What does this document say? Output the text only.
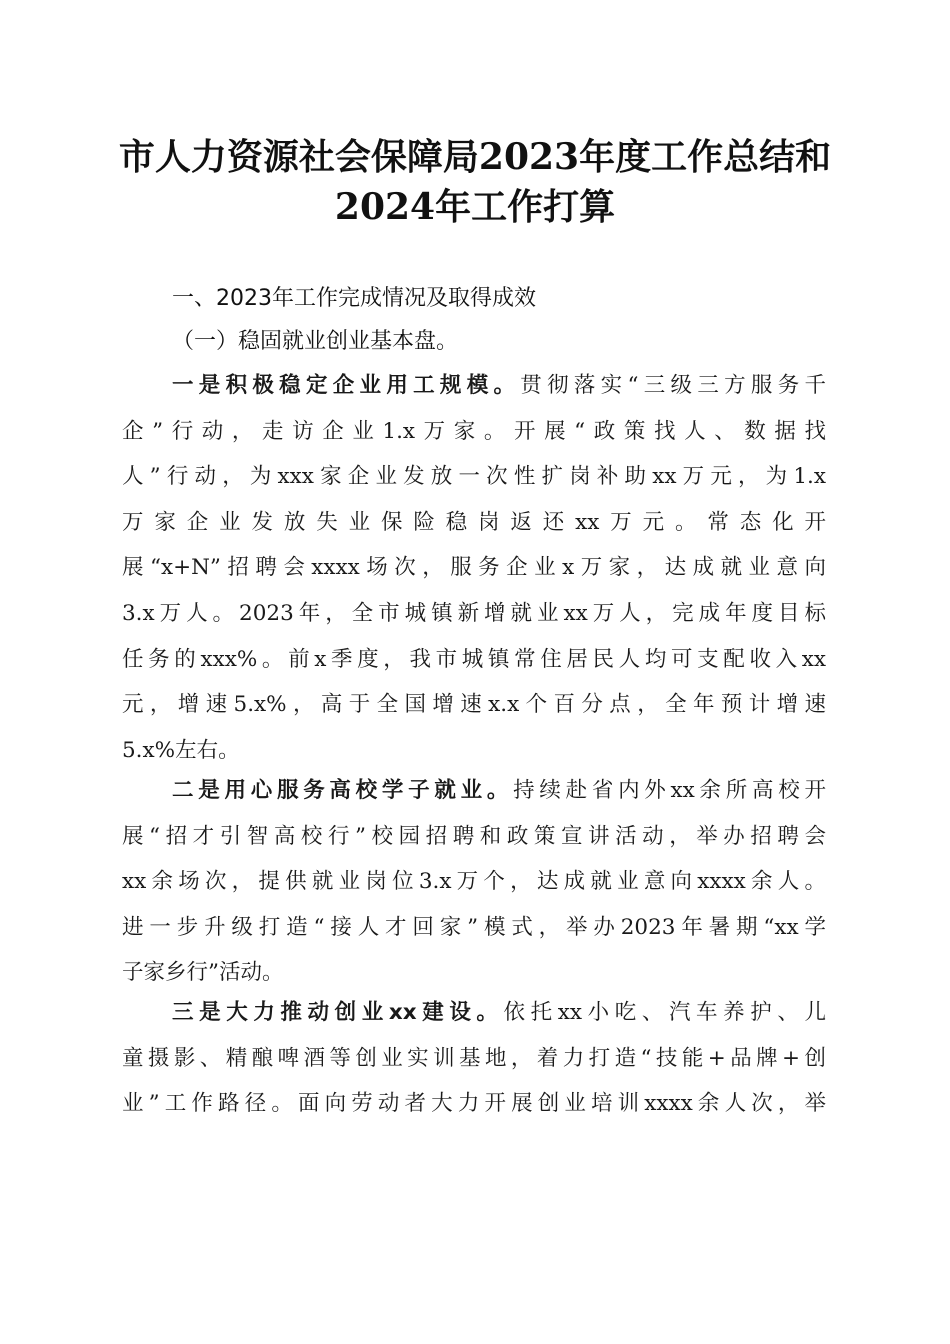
市人力资源社会保障局2023年度工作总结和
2024年工作打算
一、2023年工作完成情况及取得成效
（一）稳固就业创业基本盘。
一是积极稳定企业用工规模。贯彻落实“三级三方服务千
企”行动，走访企业1.x万家。开展“政策找人、数据找
人”行动，为xxx家企业发放一次性扩岗补助xx万元，为1.x
万家企业发放失业保险稳岗返还xx万元。常态化开
展“x+N”招聘会xxxx场次，服务企业x万家，达成就业意向
3.x万人。2023年，全市城镇新增就业xx万人，完成年度目标
任务的xxx%。前x季度，我市城镇常住居民人均可支配收入xx
元，增速5.x%，高于全国增速x.x个百分点，全年预计增速
5.x%左右。
二是用心服务高校学子就业。持续赴省内外xx余所高校开
展“招才引智高校行”校园招聘和政策宣讲活动，举办招聘会
xx余场次，提供就业岗位3.x万个，达成就业意向xxxx余人。
进一步升级打造“接人才回家”模式，举办2023年暑期“xx学
子家乡行”活动。
三是大力推动创业xx建设。依托xx小吃、汽车养护、儿
童摄影、精酿啤酒等创业实训基地，着力打造“技能+品牌+创
业”工作路径。面向劳动者大力开展创业培训xxxx余人次，举
